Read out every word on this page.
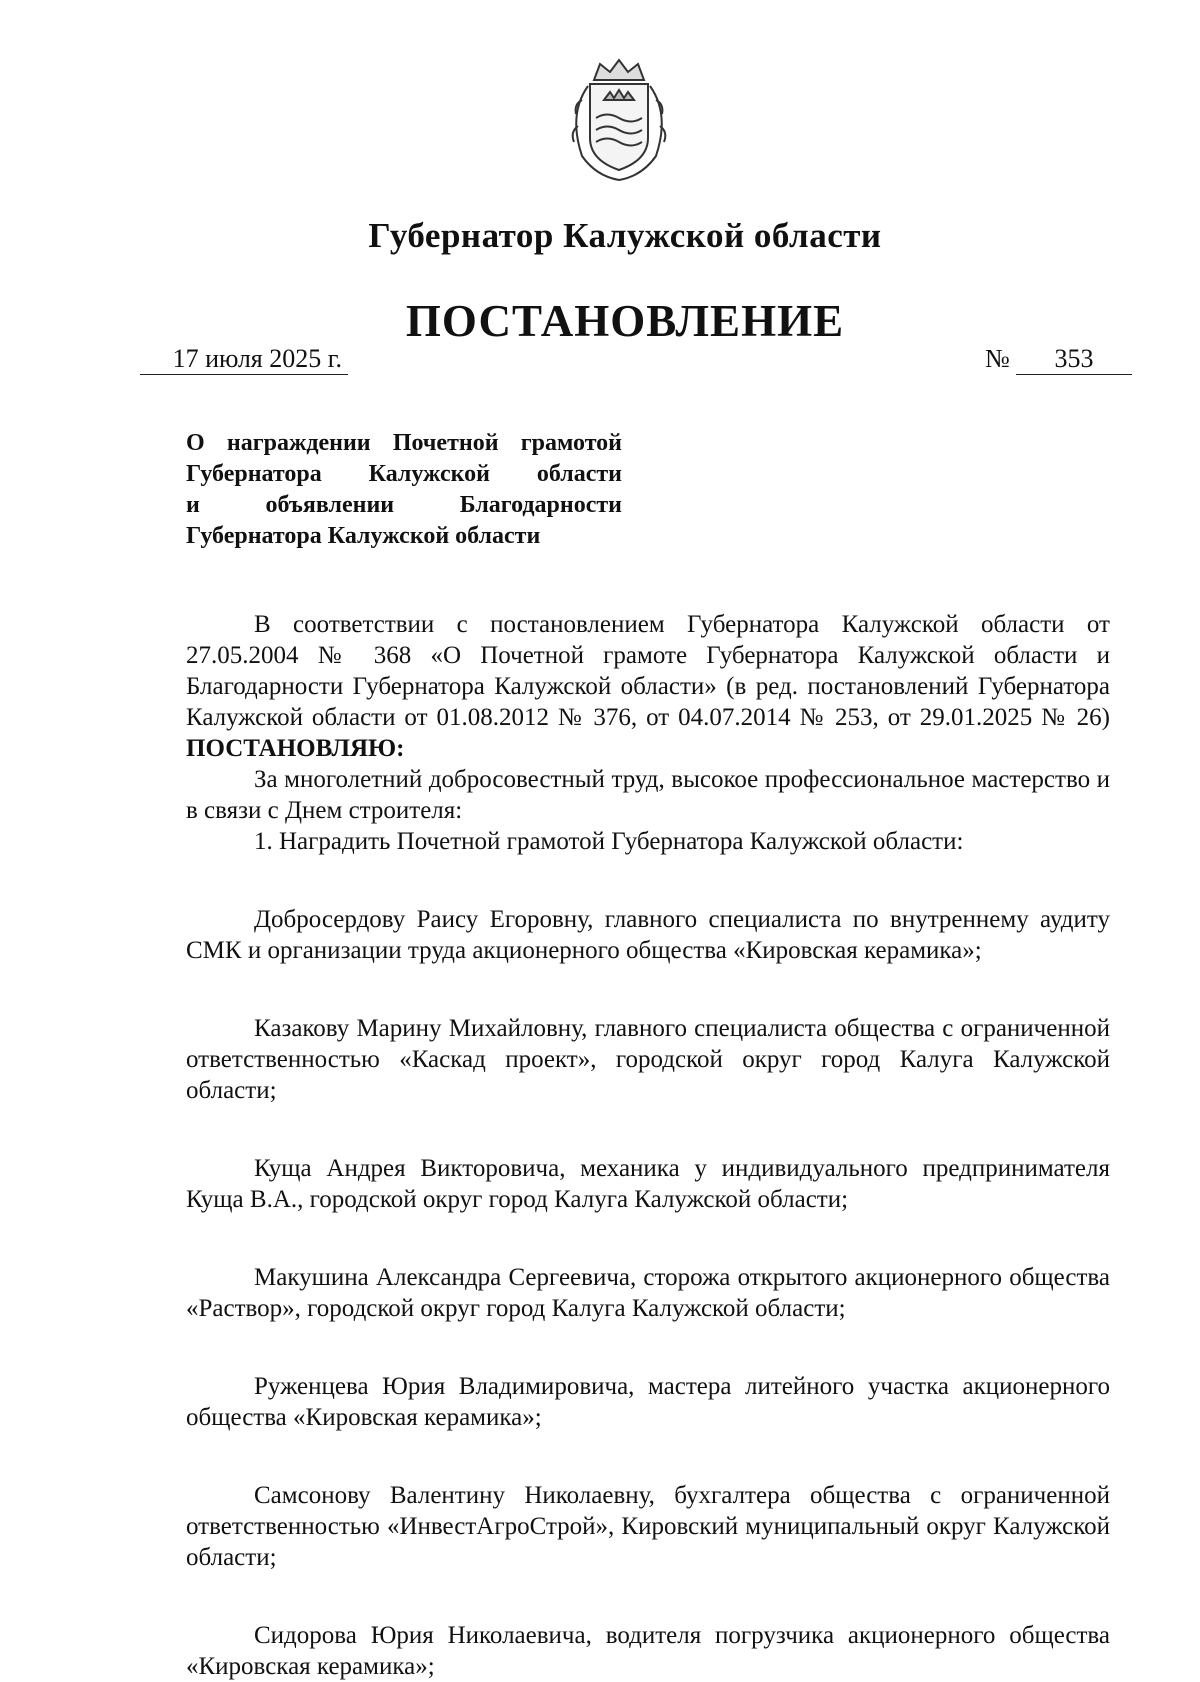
Губернатор Калужской области
ПОСТАНОВЛЕНИЕ
17 июля 2025 г.	№	353
О награждении Почетной грамотой
Губернатора Калужской области
и объявлении Благодарности
Губернатора Калужской области

В соответствии с постановлением Губернатора Калужской области от 27.05.2004 № 368 «О Почетной грамоте Губернатора Калужской области и Благодарности Губернатора Калужской области» (в ред. постановлений Губернатора Калужской области от 01.08.2012 № 376, от 04.07.2014 № 253, от 29.01.2025 № 26) ПОСТАНОВЛЯЮ:

За многолетний добросовестный труд, высокое профессиональное мастерство и в связи с Днем строителя:

1. Наградить Почетной грамотой Губернатора Калужской области:

Добросердову Раису Егоровну, главного специалиста по внутреннему аудиту СМК и организации труда акционерного общества «Кировская керамика»;

Казакову Марину Михайловну, главного специалиста общества с ограниченной ответственностью «Каскад проект», городской округ город Калуга Калужской области;

Куща Андрея Викторовича, механика у индивидуального предпринимателя Куща В.А., городской округ город Калуга Калужской области;

Макушина Александра Сергеевича, сторожа открытого акционерного общества «Раствор», городской округ город Калуга Калужской области;

Руженцева Юрия Владимировича, мастера литейного участка акционерного общества «Кировская керамика»;

Самсонову Валентину Николаевну, бухгалтера общества с ограниченной ответственностью «ИнвестАгроСтрой», Кировский муниципальный округ Калужской области;

Сидорова Юрия Николаевича, водителя погрузчика акционерного общества «Кировская керамика»;
